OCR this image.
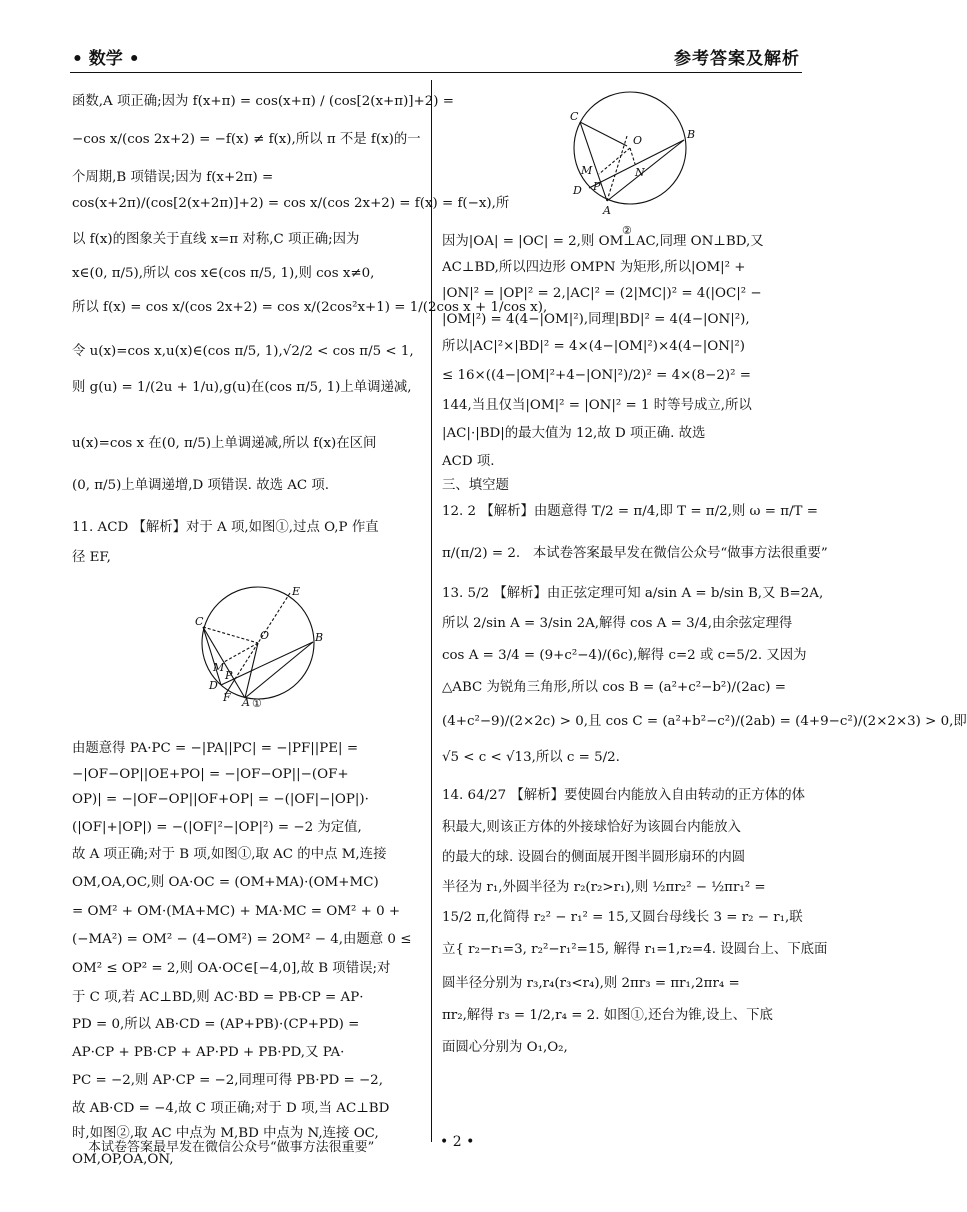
• 数学 •	参考答案及解析
函数,A 项正确;因为 f(x+π) = cos(x+π) / (cos[2(x+π)]+2) =
−cos x/(cos 2x+2) = −f(x) ≠ f(x),所以 π 不是 f(x)的一
个周期,B 项错误;因为 f(x+2π) =
cos(x+2π)/(cos[2(x+2π)]+2) = cos x/(cos 2x+2) = f(x) = f(−x),所
以 f(x)的图象关于直线 x=π 对称,C 项正确;因为
x∈(0, π/5),所以 cos x∈(cos π/5, 1),则 cos x≠0,
所以 f(x) = cos x/(cos 2x+2) = cos x/(2cos²x+1) = 1/(2cos x + 1/cos x),
令 u(x)=cos x,u(x)∈(cos π/5, 1),√2/2 < cos π/5 < 1,
则 g(u) = 1/(2u + 1/u),g(u)在(cos π/5, 1)上单调递减,
u(x)=cos x 在(0, π/5)上单调递减,所以 f(x)在区间
(0, π/5)上单调递增,D 项错误. 故选 AC 项.
11. ACD 【解析】对于 A 项,如图①,过点 O,P 作直
径 EF,
由题意得 PA·PC = −|PA||PC| = −|PF||PE| =
−|OF−OP||OE+PO| = −|OF−OP||−(OF+
OP)| = −|OF−OP||OF+OP| = −(|OF|−|OP|)·
(|OF|+|OP|) = −(|OF|²−|OP|²) = −2 为定值,
故 A 项正确;对于 B 项,如图①,取 AC 的中点 M,连接
OM,OA,OC,则 OA·OC = (OM+MA)·(OM+MC)
= OM² + OM·(MA+MC) + MA·MC = OM² + 0 +
(−MA²) = OM² − (4−OM²) = 2OM² − 4,由题意 0 ≤
OM² ≤ OP² = 2,则 OA·OC∈[−4,0],故 B 项错误;对
于 C 项,若 AC⊥BD,则 AC·BD = PB·CP = AP·
PD = 0,所以 AB·CD = (AP+PB)·(CP+PD) =
AP·CP + PB·CP + AP·PD + PB·PD,又 PA·
PC = −2,则 AP·CP = −2,同理可得 PB·PD = −2,
故 AB·CD = −4,故 C 项正确;对于 D 项,当 AC⊥BD
时,如图②,取 AC 中点为 M,BD 中点为 N,连接 OC,
OM,OP,OA,ON,
C
E
O	B
M
D
P
F A ①
C
O	B
M	N
D P
A
②
因为|OA| = |OC| = 2,则 OM⊥AC,同理 ON⊥BD,又
AC⊥BD,所以四边形 OMPN 为矩形,所以|OM|² +
|ON|² = |OP|² = 2,|AC|² = (2|MC|)² = 4(|OC|² −
|OM|²) = 4(4−|OM|²),同理|BD|² = 4(4−|ON|²),
所以|AC|²×|BD|² = 4×(4−|OM|²)×4(4−|ON|²)
≤ 16×((4−|OM|²+4−|ON|²)/2)² = 4×(8−2)² =
144,当且仅当|OM|² = |ON|² = 1 时等号成立,所以
|AC|·|BD|的最大值为 12,故 D 项正确. 故选
ACD 项.
三、填空题
12. 2 【解析】由题意得 T/2 = π/4,即 T = π/2,则 ω = π/T =
π/(π/2) = 2.   本试卷答案最早发在微信公众号“做事方法很重要”
13. 5/2 【解析】由正弦定理可知 a/sin A = b/sin B,又 B=2A,
所以 2/sin A = 3/sin 2A,解得 cos A = 3/4,由余弦定理得
cos A = 3/4 = (9+c²−4)/(6c),解得 c=2 或 c=5/2. 又因为
△ABC 为锐角三角形,所以 cos B = (a²+c²−b²)/(2ac) =
(4+c²−9)/(2×2c) > 0,且 cos C = (a²+b²−c²)/(2ab) = (4+9−c²)/(2×2×3) > 0,即
√5 < c < √13,所以 c = 5/2.
14. 64/27 【解析】要使圆台内能放入自由转动的正方体的体
积最大,则该正方体的外接球恰好为该圆台内能放入
的最大的球. 设圆台的侧面展开图半圆形扇环的内圆
半径为 r₁,外圆半径为 r₂(r₂>r₁),则 ½πr₂² − ½πr₁² =
15/2 π,化简得 r₂² − r₁² = 15,又圆台母线长 3 = r₂ − r₁,联
立{ r₂−r₁=3, r₂²−r₁²=15, 解得 r₁=1,r₂=4. 设圆台上、下底面
圆半径分别为 r₃,r₄(r₃<r₄),则 2πr₃ = πr₁,2πr₄ =
πr₂,解得 r₃ = 1/2,r₄ = 2. 如图①,还台为锥,设上、下底
面圆心分别为 O₁,O₂,
本试卷答案最早发在微信公众号“做事方法很重要”	• 2 •
